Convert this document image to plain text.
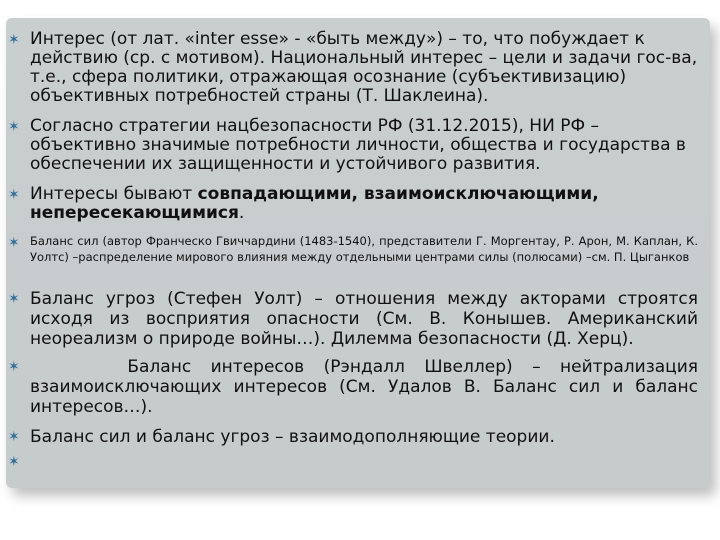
✶ Интерес (от лат. «inter esse» - «быть между») – то, что побуждает к действию (ср. с мотивом). Национальный интерес – цели и задачи гос-ва, т.е., сфера политики, отражающая осознание (субъективизацию) объективных потребностей страны (Т. Шаклеина).
✶ Согласно стратегии нацбезопасности РФ (31.12.2015), НИ РФ – объективно значимые потребности личности, общества и государства в обеспечении их защищенности и устойчивого развития.
✶ Интересы бывают совпадающими, взаимоисключающими, непересекающимися.
✶ Баланс сил (автор Франческо Гвиччардини (1483-1540), представители Г. Моргентау, Р. Арон, М. Каплан, К. Уолтс) –распределение мирового влияния между отдельными центрами силы (полюсами) –см. П. Цыганков
✶ Баланс угроз (Стефен Уолт) – отношения между акторами строятся исходя из восприятия опасности (См. В. Конышев. Американский неореализм о природе войны…). Дилемма безопасности (Д. Херц).
✶ Баланс интересов (Рэндалл Швеллер) – нейтрализация взаимоисключающих интересов (См. Удалов В. Баланс сил и баланс интересов…).
✶ Баланс сил и баланс угроз – взаимодополняющие теории.
✶
